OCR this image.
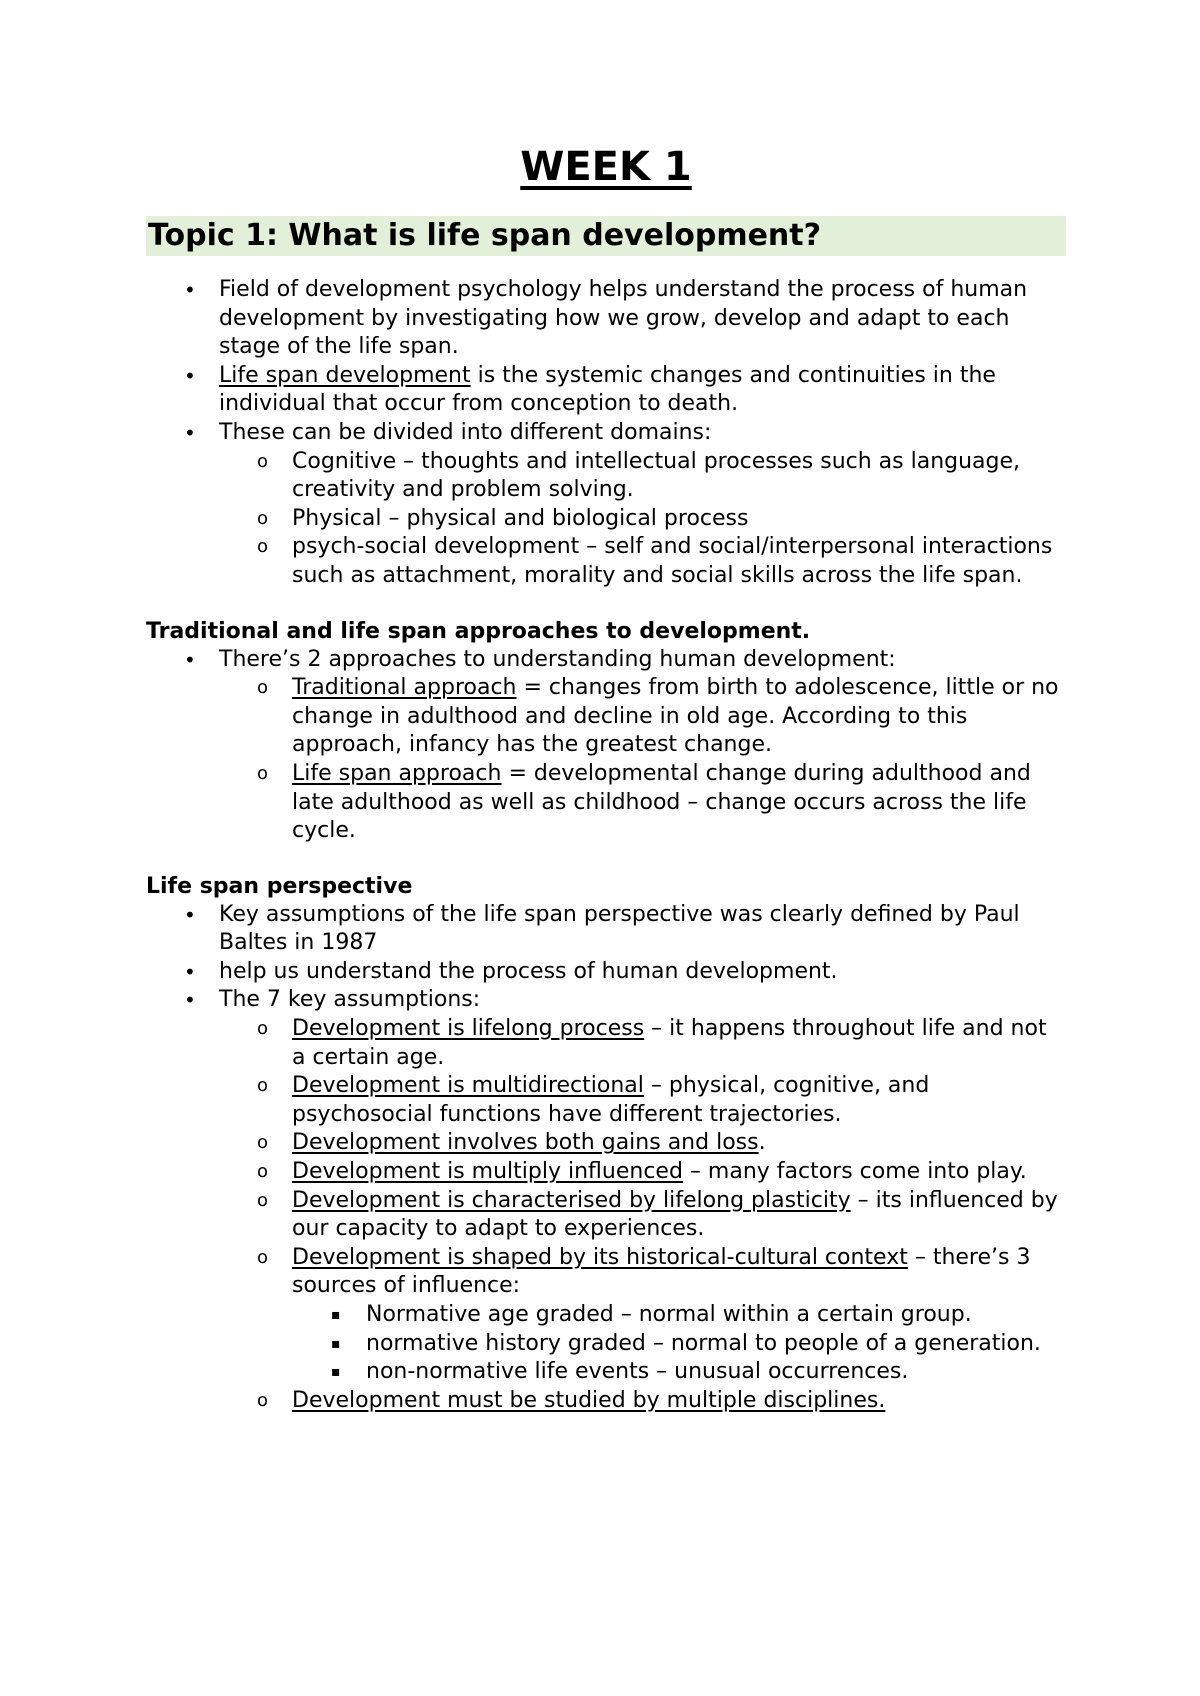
WEEK 1
Topic 1: What is life span development?
• Field of development psychology helps understand the process of human development by investigating how we grow, develop and adapt to each stage of the life span.
• Life span development is the systemic changes and continuities in the individual that occur from conception to death.
• These can be divided into different domains:
o Cognitive – thoughts and intellectual processes such as language, creativity and problem solving.
o Physical – physical and biological process
o psych-social development – self and social/interpersonal interactions such as attachment, morality and social skills across the life span.
Traditional and life span approaches to development.
• There’s 2 approaches to understanding human development:
o Traditional approach = changes from birth to adolescence, little or no change in adulthood and decline in old age. According to this approach, infancy has the greatest change.
o Life span approach = developmental change during adulthood and late adulthood as well as childhood – change occurs across the life cycle.
Life span perspective
• Key assumptions of the life span perspective was clearly defined by Paul Baltes in 1987
• help us understand the process of human development.
• The 7 key assumptions:
o Development is lifelong process – it happens throughout life and not a certain age.
o Development is multidirectional – physical, cognitive, and psychosocial functions have different trajectories.
o Development involves both gains and loss.
o Development is multiply influenced – many factors come into play.
o Development is characterised by lifelong plasticity – its influenced by our capacity to adapt to experiences.
o Development is shaped by its historical-cultural context – there’s 3 sources of influence:
▪ Normative age graded – normal within a certain group.
▪ normative history graded – normal to people of a generation.
▪ non-normative life events – unusual occurrences.
o Development must be studied by multiple disciplines.
